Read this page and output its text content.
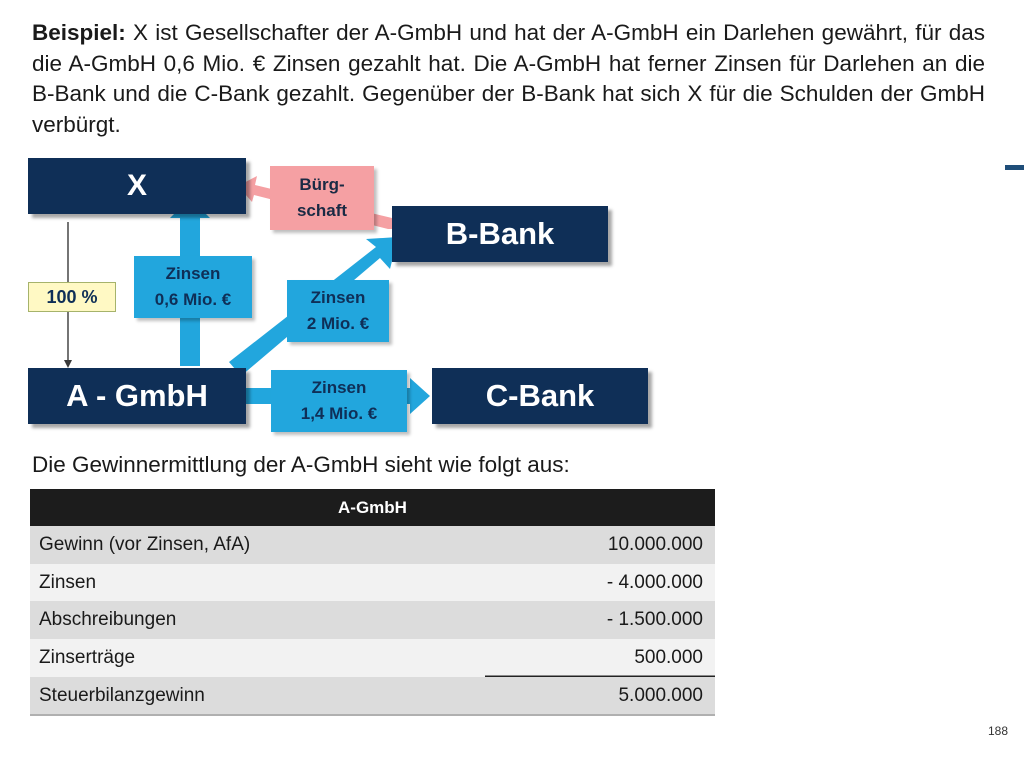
Beispiel: X ist Gesellschafter der A-GmbH und hat der A-GmbH ein Darlehen gewährt, für das die A-GmbH 0,6 Mio. € Zinsen gezahlt hat. Die A-GmbH hat ferner Zinsen für Darlehen an die B-Bank und die C-Bank gezahlt. Gegenüber der B-Bank hat sich X für die Schulden der GmbH verbürgt.

X
B-Bank
A - GmbH	C-Bank
100 %
Bürg-
schaft
Zinsen
0,6 Mio. €	Zinsen
2 Mio. €
Zinsen
1,4 Mio. €

Die Gewinnermittlung der A-GmbH sieht wie folgt aus:

A-GmbH	
Gewinn (vor Zinsen, AfA)	10.000.000
Zinsen	- 4.000.000
Abschreibungen	- 1.500.000
Zinserträge	500.000
Steuerbilanzgewinn	5.000.000
188
